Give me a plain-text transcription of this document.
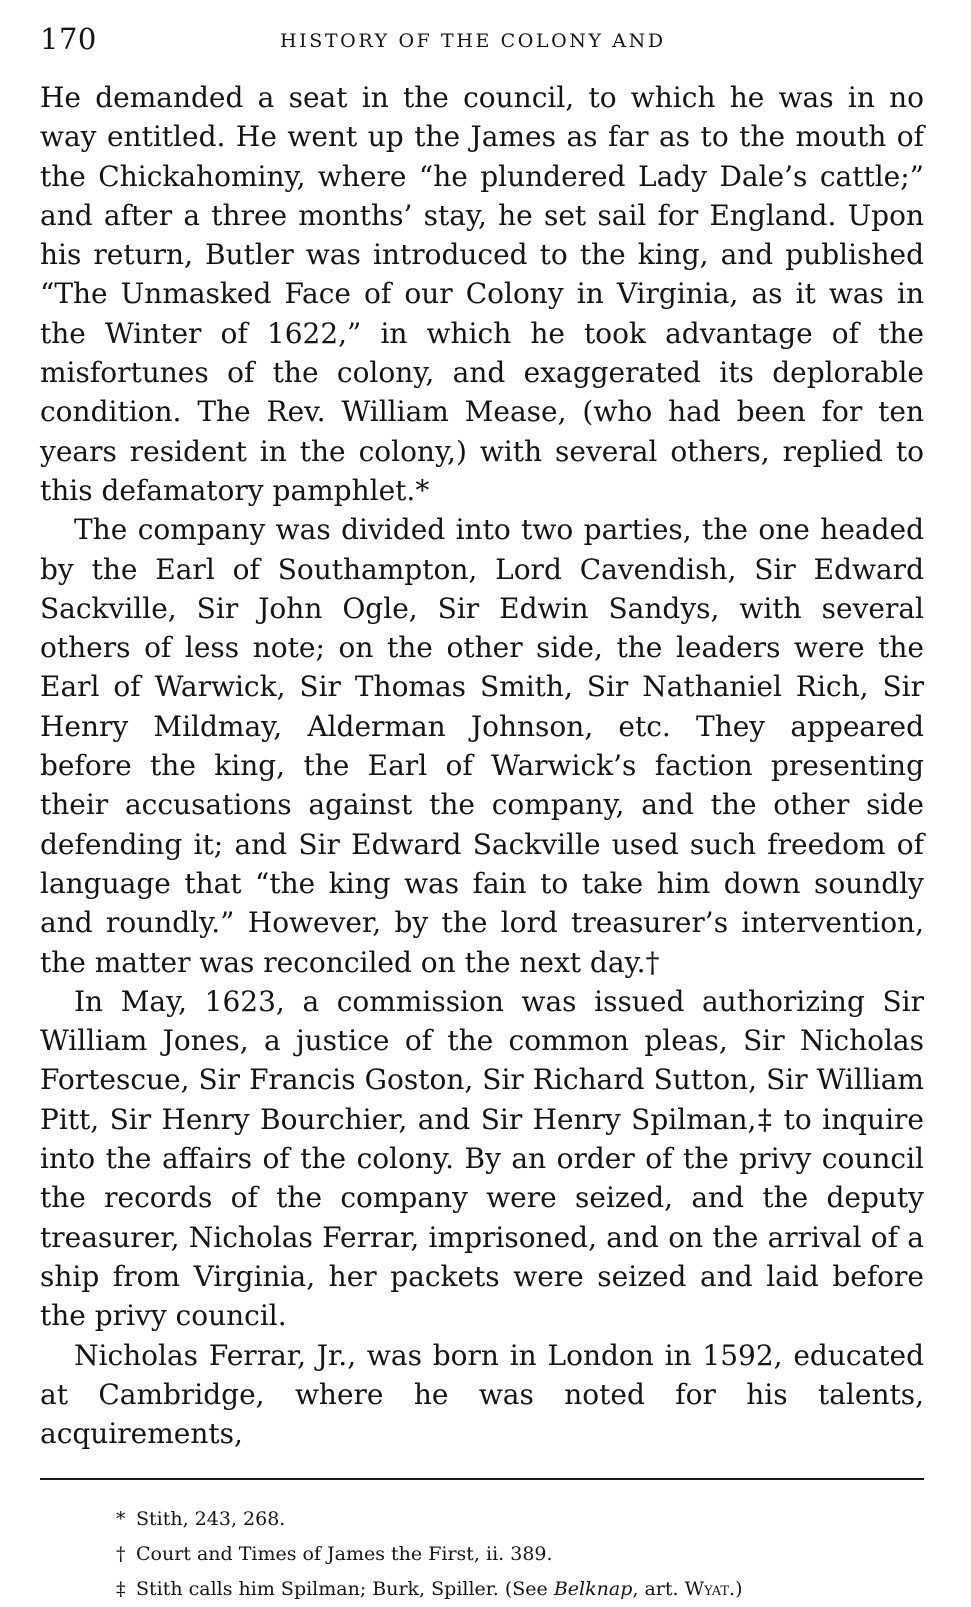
170	HISTORY OF THE COLONY AND

He demanded a seat in the council, to which he was in no way entitled. He went up the James as far as to the mouth of the Chickahominy, where “he plundered Lady Dale’s cattle;” and after a three months’ stay, he set sail for England. Upon his return, Butler was introduced to the king, and published “The Unmasked Face of our Colony in Virginia, as it was in the Winter of 1622,” in which he took advantage of the misfortunes of the colony, and exaggerated its deplorable condition. The Rev. William Mease, (who had been for ten years resident in the colony,) with several others, replied to this defamatory pamphlet.*

The company was divided into two parties, the one headed by the Earl of Southampton, Lord Cavendish, Sir Edward Sackville, Sir John Ogle, Sir Edwin Sandys, with several others of less note; on the other side, the leaders were the Earl of Warwick, Sir Thomas Smith, Sir Nathaniel Rich, Sir Henry Mildmay, Alderman Johnson, etc. They appeared before the king, the Earl of Warwick’s faction presenting their accusations against the company, and the other side defending it; and Sir Edward Sackville used such freedom of language that “the king was fain to take him down soundly and roundly.” However, by the lord treasurer’s intervention, the matter was reconciled on the next day.†

In May, 1623, a commission was issued authorizing Sir William Jones, a justice of the common pleas, Sir Nicholas Fortescue, Sir Francis Goston, Sir Richard Sutton, Sir William Pitt, Sir Henry Bourchier, and Sir Henry Spilman,‡ to inquire into the affairs of the colony. By an order of the privy council the records of the company were seized, and the deputy treasurer, Nicholas Ferrar, imprisoned, and on the arrival of a ship from Virginia, her packets were seized and laid before the privy council.

Nicholas Ferrar, Jr., was born in London in 1592, educated at Cambridge, where he was noted for his talents, acquirements,

* Stith, 243, 268.
† Court and Times of James the First, ii. 389.
‡ Stith calls him Spilman; Burk, Spiller. (See Belknap, art. Wyat.)
